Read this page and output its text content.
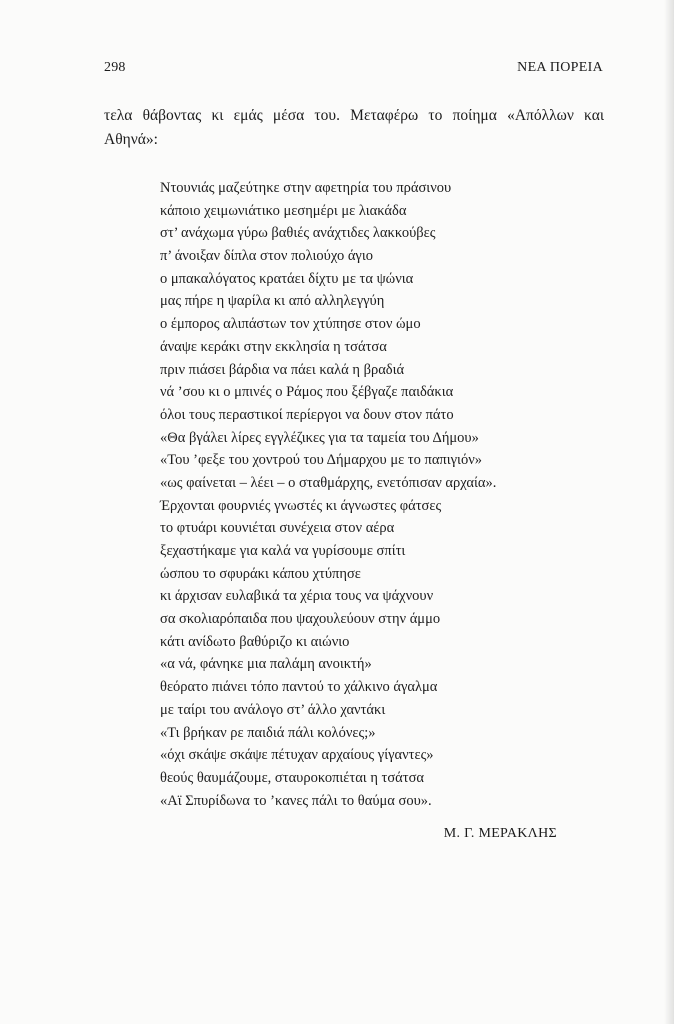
298	ΝΕΑ ΠΟΡΕΙΑ
τελα θάβοντας κι εμάς μέσα του. Μεταφέρω το ποίημα «Απόλλων και
Αθηνά»:
Ντουνιάς μαζεύτηκε στην αφετηρία του πράσινου
κάποιο χειμωνιάτικο μεσημέρι με λιακάδα
στ’ ανάχωμα γύρω βαθιές ανάχτιδες λακκούβες
π’ άνοιξαν δίπλα στον πολιούχο άγιο
ο μπακαλόγατος κρατάει δίχτυ με τα ψώνια
μας πήρε η ψαρίλα κι από αλληλεγγύη
ο έμπορος αλιπάστων τον χτύπησε στον ώμο
άναψε κεράκι στην εκκλησία η τσάτσα
πριν πιάσει βάρδια να πάει καλά η βραδιά
νά ’σου κι ο μπινές ο Ράμος που ξέβγαζε παιδάκια
όλοι τους περαστικοί περίεργοι να δουν στον πάτο
«Θα βγάλει λίρες εγγλέζικες για τα ταμεία του Δήμου»
«Του ’φεξε του χοντρού του Δήμαρχου με το παπιγιόν»
«ως φαίνεται – λέει – ο σταθμάρχης, ενετόπισαν αρχαία».
Έρχονται φουρνιές γνωστές κι άγνωστες φάτσες
το φτυάρι κουνιέται συνέχεια στον αέρα
ξεχαστήκαμε για καλά να γυρίσουμε σπίτι
ώσπου το σφυράκι κάπου χτύπησε
κι άρχισαν ευλαβικά τα χέρια τους να ψάχνουν
σα σκολιαρόπαιδα που ψαχουλεύουν στην άμμο
κάτι ανίδωτο βαθύριζο κι αιώνιο
«α νά, φάνηκε μια παλάμη ανοικτή»
θεόρατο πιάνει τόπο παντού το χάλκινο άγαλμα
με ταίρι του ανάλογο στ’ άλλο χαντάκι
«Τι βρήκαν ρε παιδιά πάλι κολόνες;»
«όχι σκάψε σκάψε πέτυχαν αρχαίους γίγαντες»
θεούς θαυμάζουμε, σταυροκοπιέται η τσάτσα
«Αϊ Σπυρίδωνα το ’κανες πάλι το θαύμα σου».
Μ. Γ. ΜΕΡΑΚΛΗΣ
